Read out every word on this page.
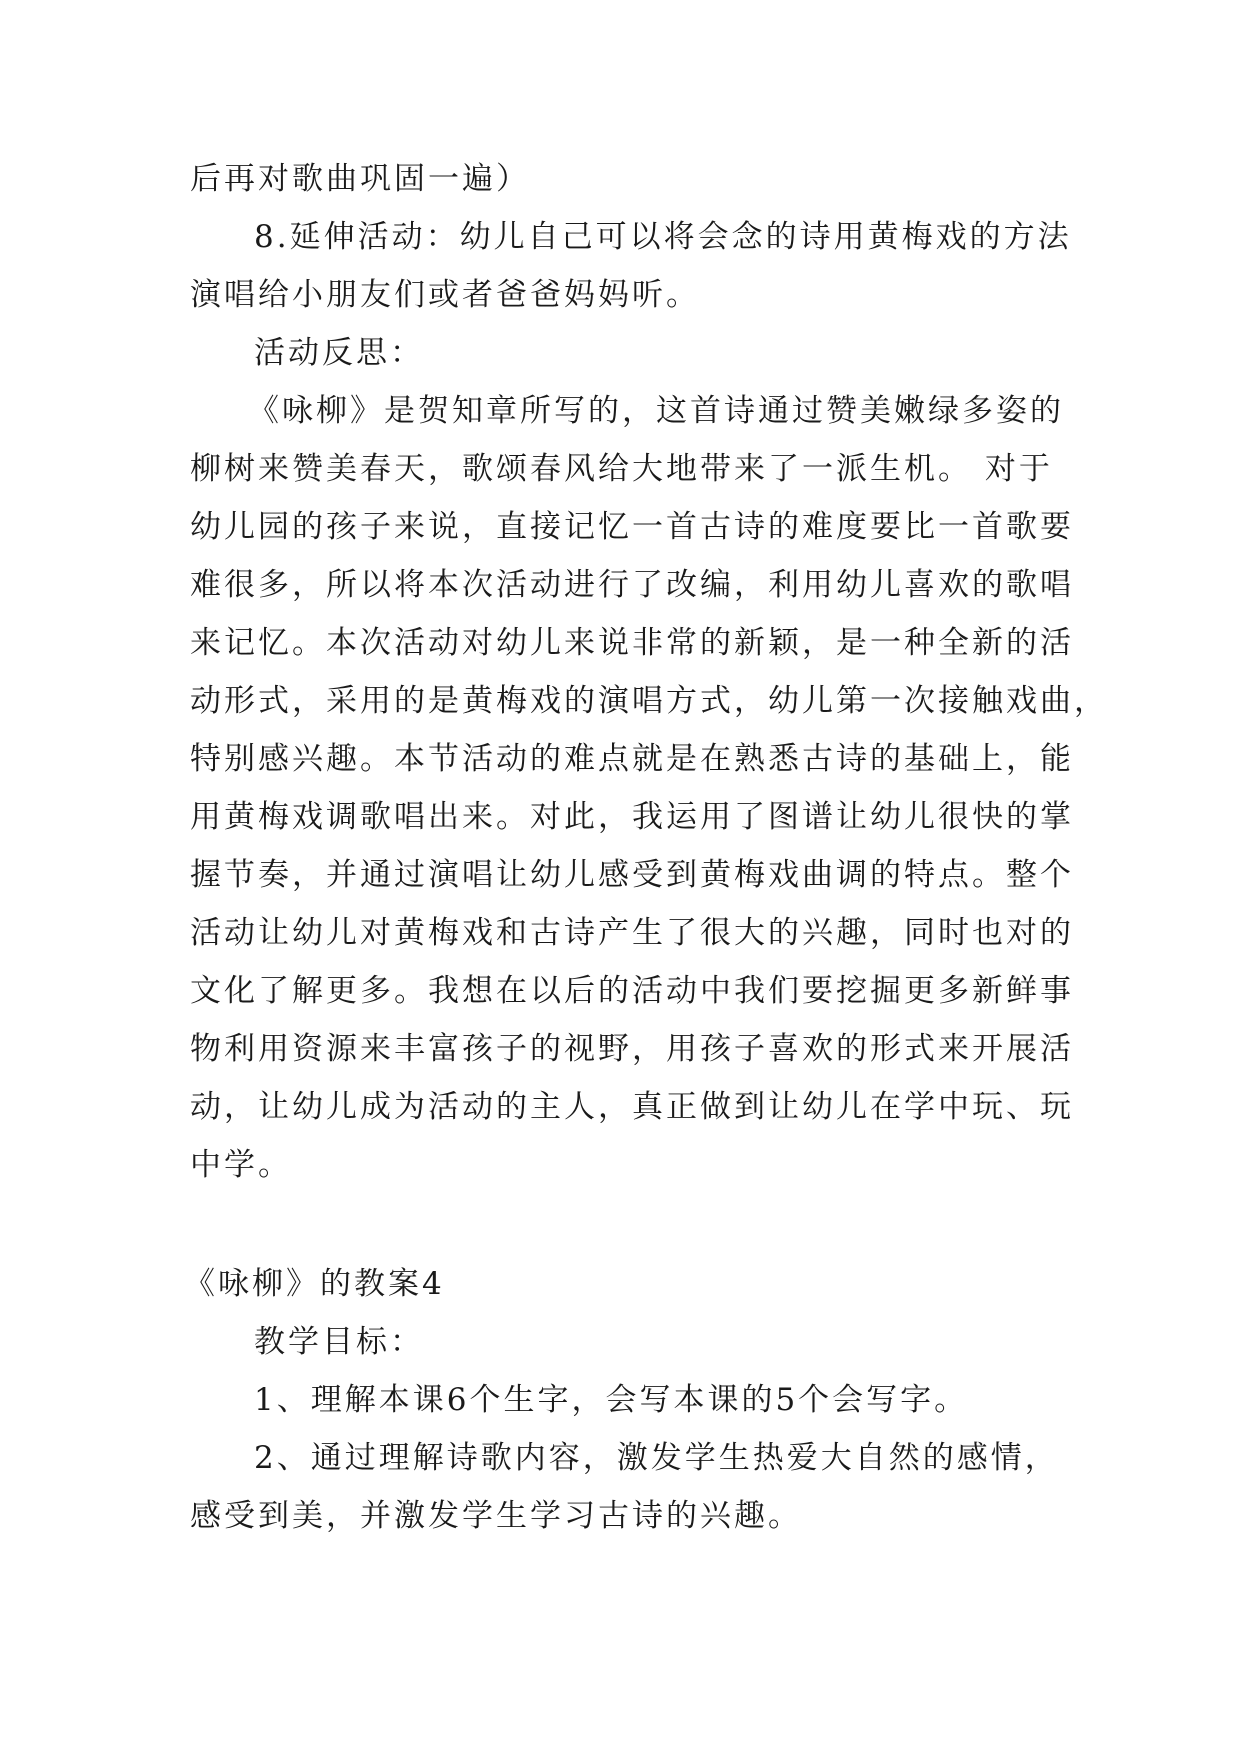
后再对歌曲巩固一遍）
8.延伸活动：幼儿自己可以将会念的诗用黄梅戏的方法
演唱给小朋友们或者爸爸妈妈听。
活动反思：
《咏柳》是贺知章所写的，这首诗通过赞美嫩绿多姿的
柳树来赞美春天，歌颂春风给大地带来了一派生机。 对于
幼儿园的孩子来说，直接记忆一首古诗的难度要比一首歌要
难很多，所以将本次活动进行了改编，利用幼儿喜欢的歌唱
来记忆。本次活动对幼儿来说非常的新颖，是一种全新的活
动形式，采用的是黄梅戏的演唱方式，幼儿第一次接触戏曲，
特别感兴趣。本节活动的难点就是在熟悉古诗的基础上，能
用黄梅戏调歌唱出来。对此，我运用了图谱让幼儿很快的掌
握节奏，并通过演唱让幼儿感受到黄梅戏曲调的特点。整个
活动让幼儿对黄梅戏和古诗产生了很大的兴趣，同时也对的
文化了解更多。我想在以后的活动中我们要挖掘更多新鲜事
物利用资源来丰富孩子的视野，用孩子喜欢的形式来开展活
动，让幼儿成为活动的主人，真正做到让幼儿在学中玩、玩
中学。
《咏柳》的教案4
教学目标：
1、理解本课6个生字，会写本课的5个会写字。
2、通过理解诗歌内容，激发学生热爱大自然的感情，
感受到美，并激发学生学习古诗的兴趣。
